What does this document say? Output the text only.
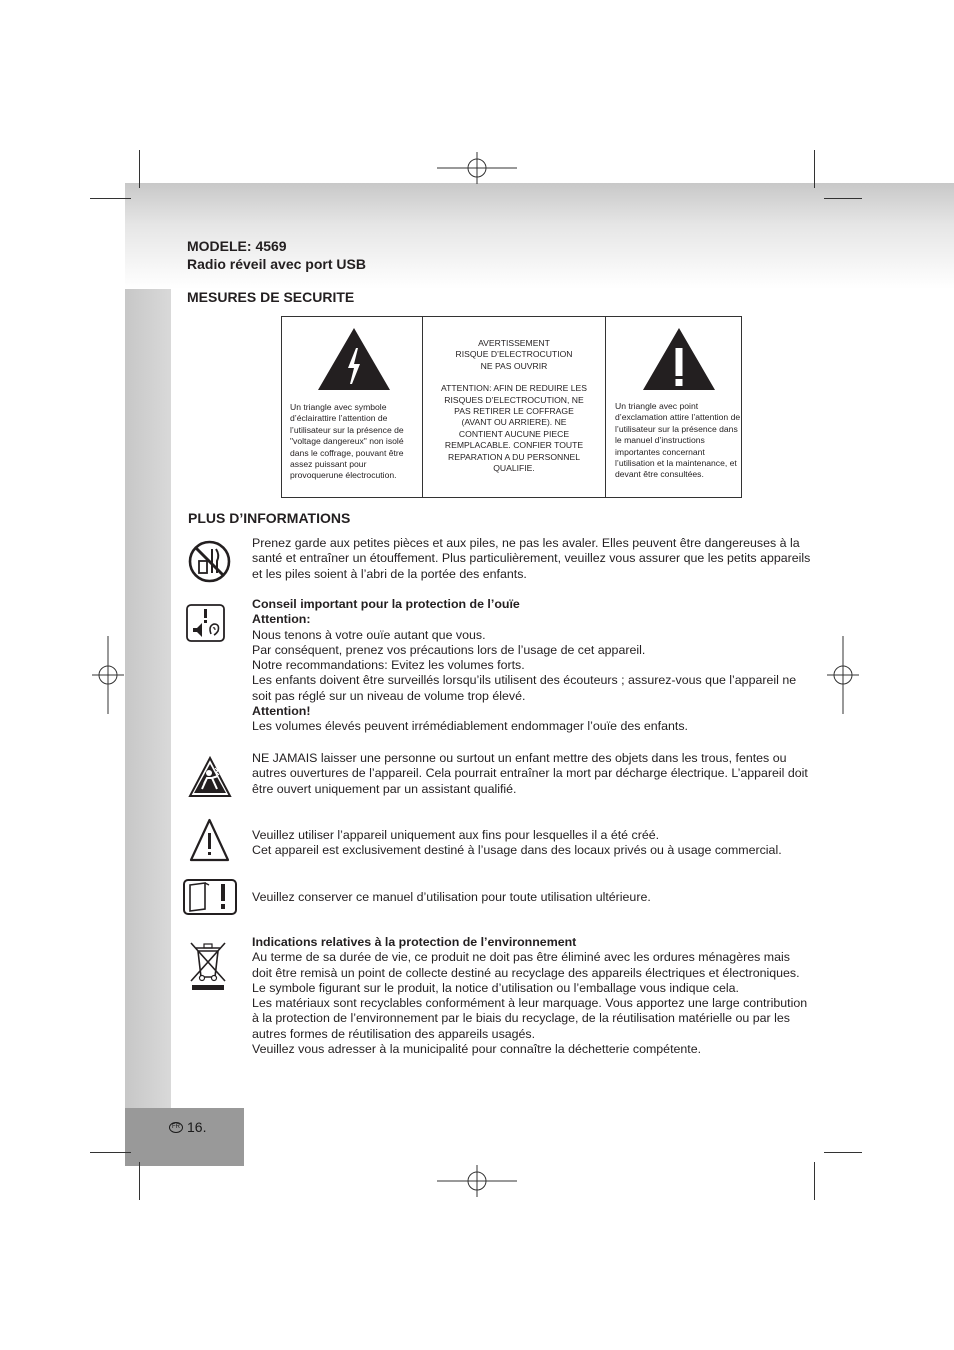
MODELE: 4569
Radio réveil avec port USB
MESURES DE SECURITE
Un triangle avec symbole d’éclairattire l’attention de l’utilisateur sur la présence de "voltage dangereux" non isolé dans le coffrage, pouvant être assez puissant pour provoquerune électrocution.
AVERTISSEMENT
RISQUE D’ELECTROCUTION
NE PAS OUVRIR
ATTENTION: AFIN DE REDUIRE LES
RISQUES D’ELECTROCUTION, NE
PAS RETIRER LE COFFRAGE
(AVANT OU ARRIERE). NE
CONTIENT AUCUNE PIECE
REMPLACABLE. CONFIER TOUTE
REPARATION A DU PERSONNEL
QUALIFIE.
Un triangle avec point d’exclamation attire l’attention de l’utilisateur sur la présence dans le manuel d’instructions importantes concernant l’utilisation et la maintenance, et devant être consultées.
PLUS D’INFORMATIONS
Prenez garde aux petites pièces et aux piles, ne pas les avaler. Elles peuvent être dangereuses à la santé et entraîner un étouffement. Plus particulièrement, veuillez vous assurer que les petits appareils et les piles soient à l’abri de la portée des enfants.
Conseil important pour la protection de l’ouïe
Attention:
Nous tenons à votre ouïe autant que vous.
Par conséquent, prenez vos précautions lors de l’usage de cet appareil.
Notre recommandations: Evitez les volumes forts.
Les enfants doivent être surveillés lorsqu’ils utilisent des écouteurs ; assurez-vous que l’appareil ne soit pas réglé sur un niveau de volume trop élevé.
Attention!
Les volumes élevés peuvent irrémédiablement endommager l’ouïe des enfants.
NE JAMAIS laisser une personne ou surtout un enfant mettre des objets dans les trous, fentes ou autres ouvertures de l’appareil. Cela pourrait entraîner la mort par décharge électrique. L’appareil doit être ouvert uniquement par un assistant qualifié.
Veuillez utiliser l’appareil uniquement aux fins pour lesquelles il a été créé.
Cet appareil est exclusivement destiné à l’usage dans des locaux privés ou à usage commercial.
Veuillez conserver ce manuel d’utilisation pour toute utilisation ultérieure.
Indications relatives à la protection de l’environnement
Au terme de sa durée de vie, ce produit ne doit pas être éliminé avec les ordures ménagères mais doit être remisà un point de collecte destiné au recyclage des appareils électriques et électroniques. Le symbole figurant sur le produit, la notice d’utilisation ou l’emballage vous indique cela.
Les matériaux sont recyclables conformément à leur marquage. Vous apportez une large contribution à la protection de l’environnement par le biais du recyclage, de la réutilisation matérielle ou par les autres formes de réutilisation des appareils usagés.
Veuillez vous adresser à la municipalité pour connaître la déchetterie compétente.
FR 16.
